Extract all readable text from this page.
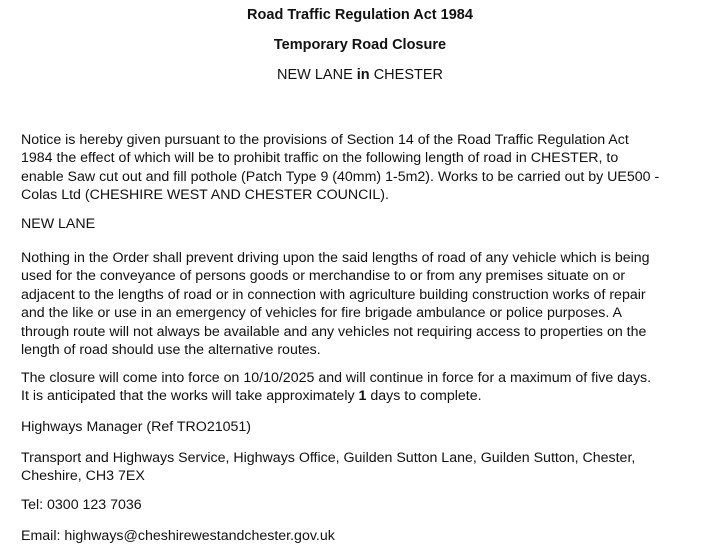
Road Traffic Regulation Act 1984
Temporary Road Closure
NEW LANE in CHESTER

Notice is hereby given pursuant to the provisions of Section 14 of the Road Traffic Regulation Act
1984 the effect of which will be to prohibit traffic on the following length of road in CHESTER, to
enable Saw cut out and fill pothole (Patch Type 9 (40mm) 1-5m2). Works to be carried out by UE500 -
Colas Ltd (CHESHIRE WEST AND CHESTER COUNCIL).

NEW LANE

Nothing in the Order shall prevent driving upon the said lengths of road of any vehicle which is being
used for the conveyance of persons goods or merchandise to or from any premises situate on or
adjacent to the lengths of road or in connection with agriculture building construction works of repair
and the like or use in an emergency of vehicles for fire brigade ambulance or police purposes. A
through route will not always be available and any vehicles not requiring access to properties on the
length of road should use the alternative routes.

The closure will come into force on 10/10/2025 and will continue in force for a maximum of five days.
It is anticipated that the works will take approximately 1 days to complete.

Highways Manager (Ref TRO21051)

Transport and Highways Service, Highways Office, Guilden Sutton Lane, Guilden Sutton, Chester,
Cheshire, CH3 7EX

Tel: 0300 123 7036

Email: highways@cheshirewestandchester.gov.uk
